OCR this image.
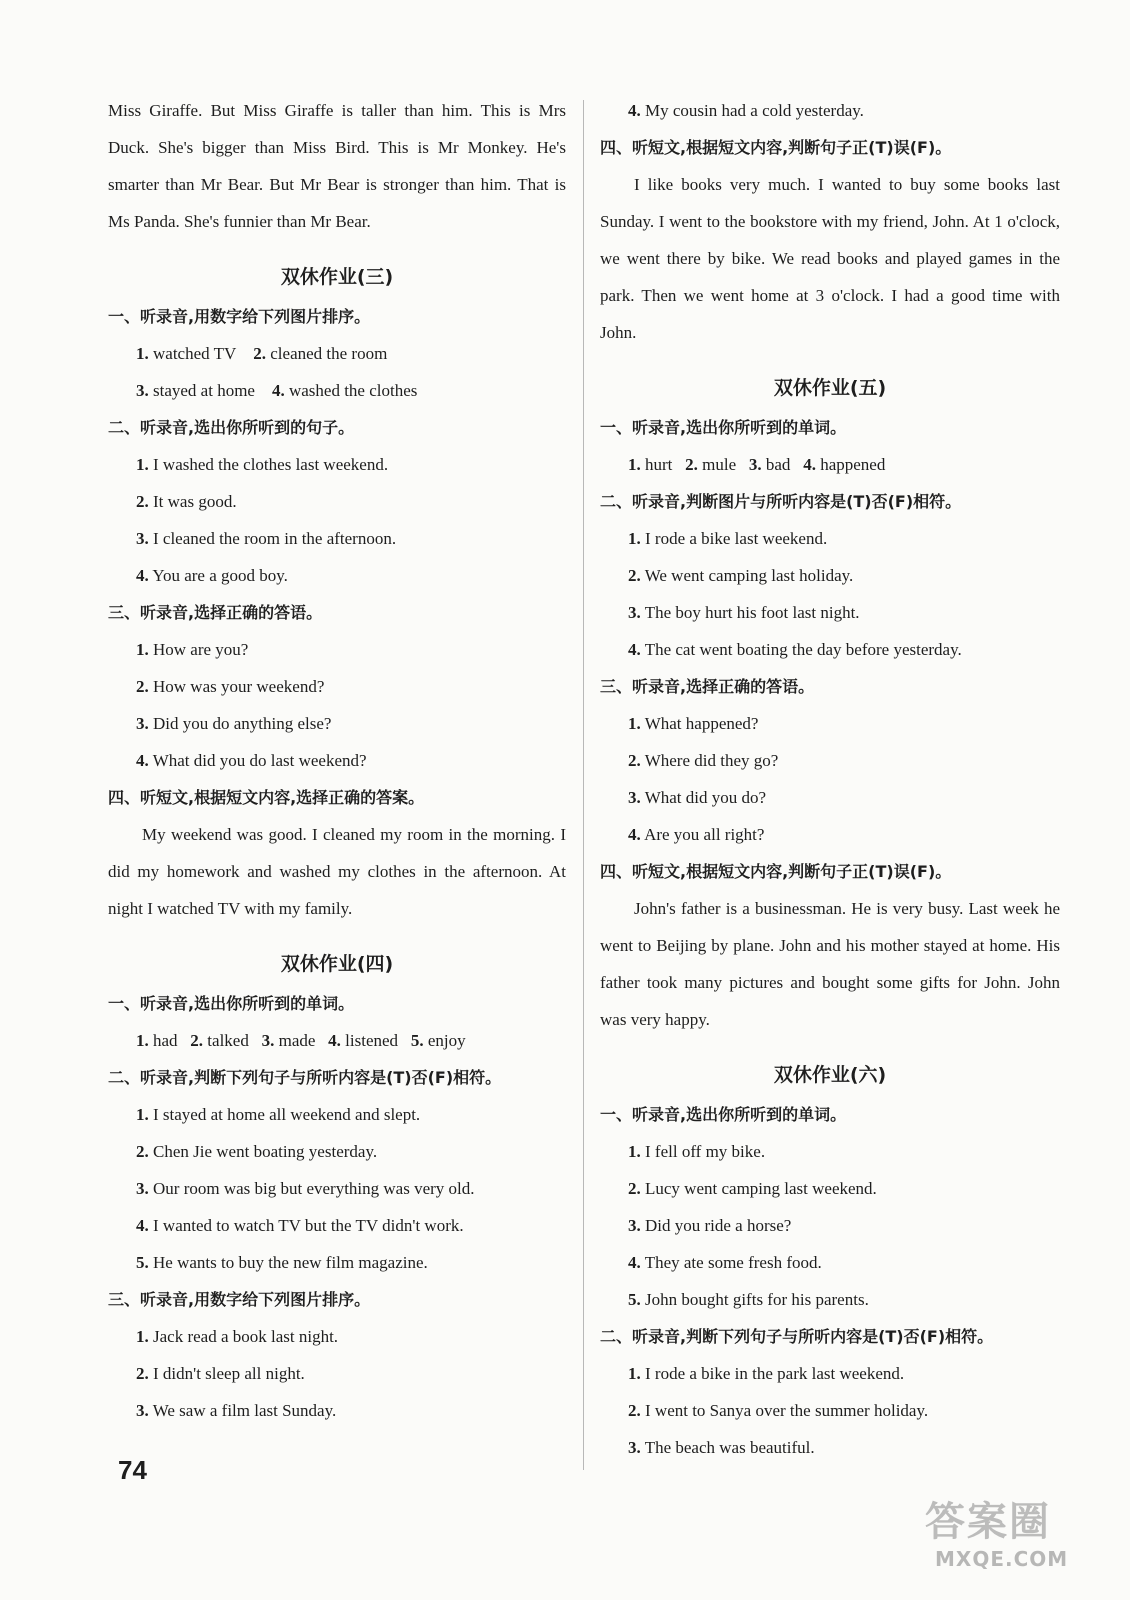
Miss Giraffe. But Miss Giraffe is taller than him. This is Mrs Duck. She's bigger than Miss Bird. This is Mr Monkey. He's smarter than Mr Bear. But Mr Bear is stronger than him. That is Ms Panda. She's funnier than Mr Bear.

双休作业(三)
一、听录音,用数字给下列图片排序。
1. watched TV 2. cleaned the room
3. stayed at home 4. washed the clothes
二、听录音,选出你所听到的句子。
1. I washed the clothes last weekend.
2. It was good.
3. I cleaned the room in the afternoon.
4. You are a good boy.
三、听录音,选择正确的答语。
1. How are you?
2. How was your weekend?
3. Did you do anything else?
4. What did you do last weekend?
四、听短文,根据短文内容,选择正确的答案。

My weekend was good. I cleaned my room in the morning. I did my homework and washed my clothes in the afternoon. At night I watched TV with my family.

双休作业(四)
一、听录音,选出你所听到的单词。
1. had 2. talked 3. made 4. listened 5. enjoy
二、听录音,判断下列句子与所听内容是(T)否(F)相符。
1. I stayed at home all weekend and slept.
2. Chen Jie went boating yesterday.
3. Our room was big but everything was very old.
4. I wanted to watch TV but the TV didn't work.
5. He wants to buy the new film magazine.
三、听录音,用数字给下列图片排序。
1. Jack read a book last night.
2. I didn't sleep all night.
3. We saw a film last Sunday.
4. My cousin had a cold yesterday.
四、听短文,根据短文内容,判断句子正(T)误(F)。

I like books very much. I wanted to buy some books last Sunday. I went to the bookstore with my friend, John. At 1 o'clock, we went there by bike. We read books and played games in the park. Then we went home at 3 o'clock. I had a good time with John.

双休作业(五)
一、听录音,选出你所听到的单词。
1. hurt 2. mule 3. bad 4. happened
二、听录音,判断图片与所听内容是(T)否(F)相符。
1. I rode a bike last weekend.
2. We went camping last holiday.
3. The boy hurt his foot last night.
4. The cat went boating the day before yesterday.
三、听录音,选择正确的答语。
1. What happened?
2. Where did they go?
3. What did you do?
4. Are you all right?
四、听短文,根据短文内容,判断句子正(T)误(F)。

John's father is a businessman. He is very busy. Last week he went to Beijing by plane. John and his mother stayed at home. His father took many pictures and bought some gifts for John. John was very happy.

双休作业(六)
一、听录音,选出你所听到的单词。
1. I fell off my bike.
2. Lucy went camping last weekend.
3. Did you ride a horse?
4. They ate some fresh food.
5. John bought gifts for his parents.
二、听录音,判断下列句子与所听内容是(T)否(F)相符。
1. I rode a bike in the park last weekend.
2. I went to Sanya over the summer holiday.
3. The beach was beautiful.
74
答案圈
MXQE.COM
